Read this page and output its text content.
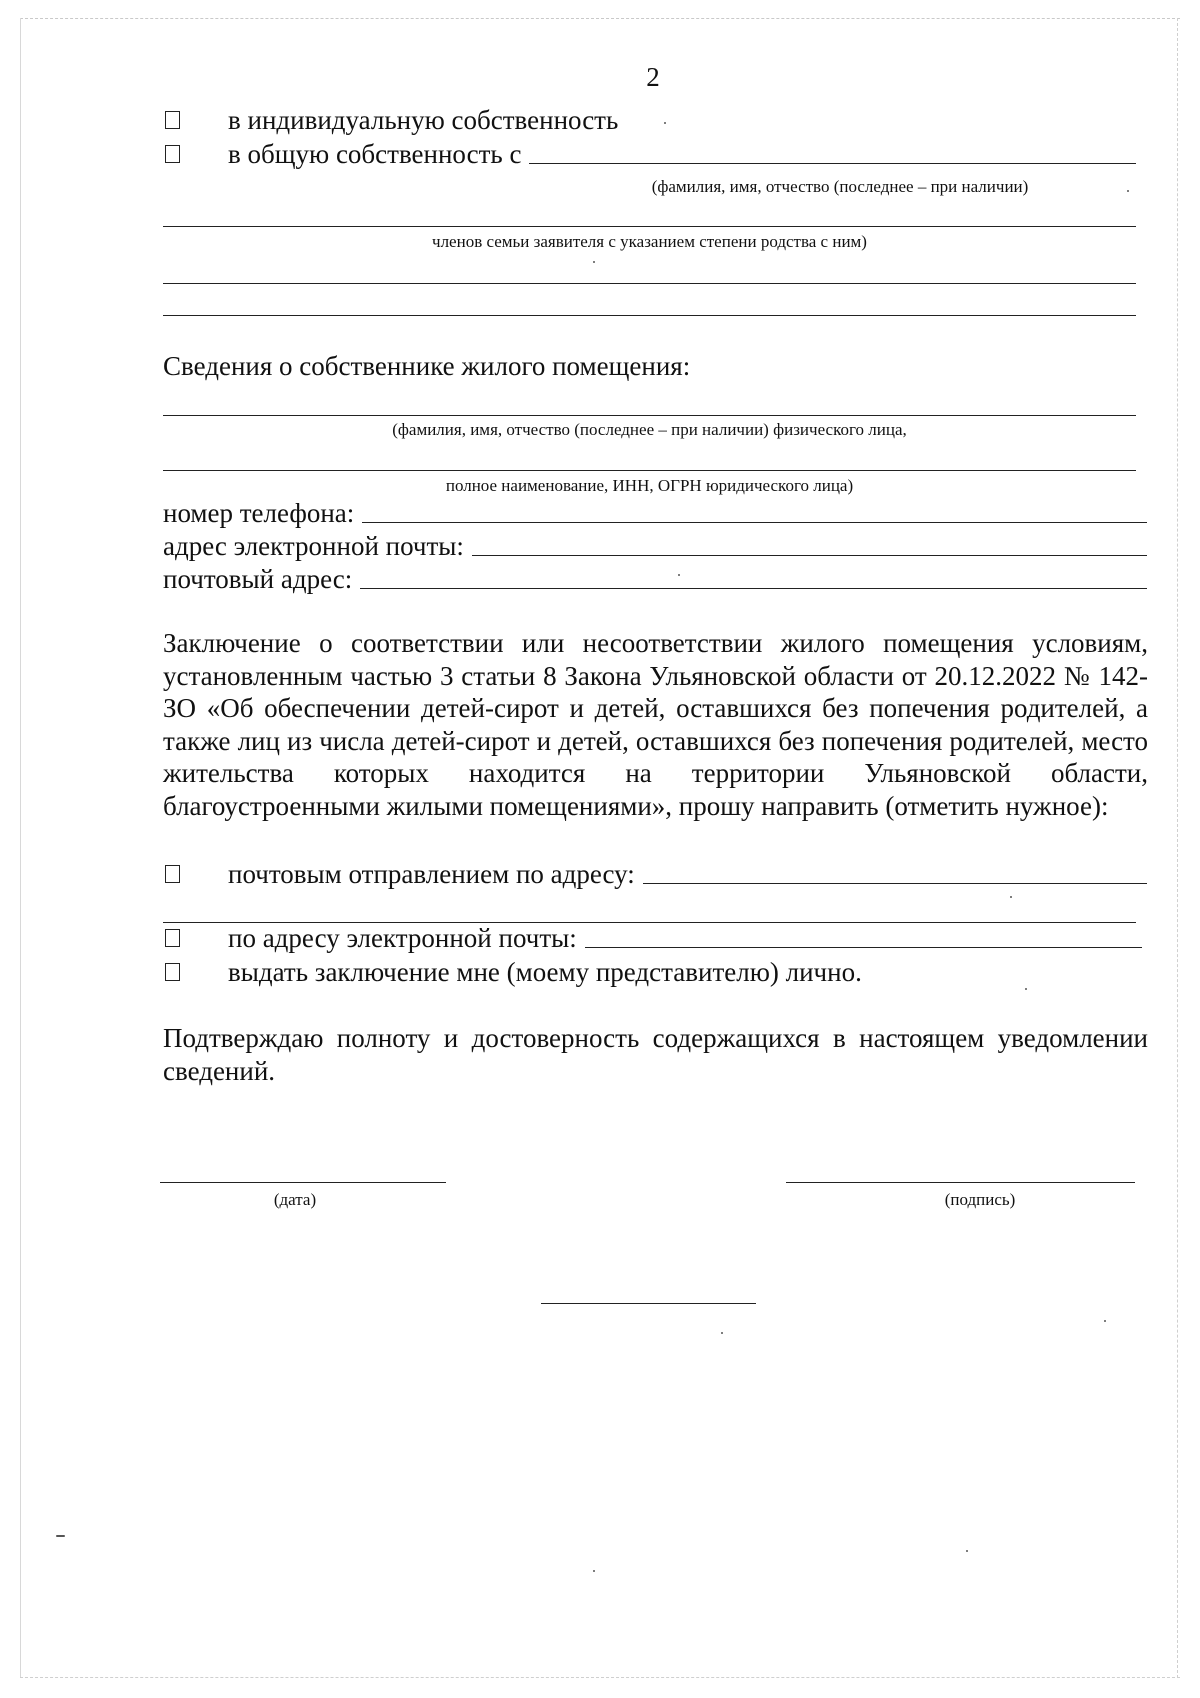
2
в индивидуальную собственность
в общую собственность с
(фамилия, имя, отчество (последнее – при наличии)
членов семьи заявителя с указанием степени родства с ним)
Сведения о собственнике жилого помещения:
(фамилия, имя, отчество (последнее – при наличии) физического лица,
полное наименование, ИНН, ОГРН юридического лица)
номер телефона:
адрес электронной почты:
почтовый адрес:
Заключение о соответствии или несоответствии жилого помещения условиям, установленным частью 3 статьи 8 Закона Ульяновской области от 20.12.2022 № 142-ЗО «Об обеспечении детей-сирот и детей, оставшихся без попечения родителей, а также лиц из числа детей-сирот и детей, оставшихся без попечения родителей, место жительства которых находится на территории Ульяновской области, благоустроенными жилыми помещениями», прошу направить (отметить нужное):
почтовым отправлением по адресу:
по адресу электронной почты:
выдать заключение мне (моему представителю) лично.
Подтверждаю полноту и достоверность содержащихся в настоящем уведомлении сведений.
(дата)	(подпись)
